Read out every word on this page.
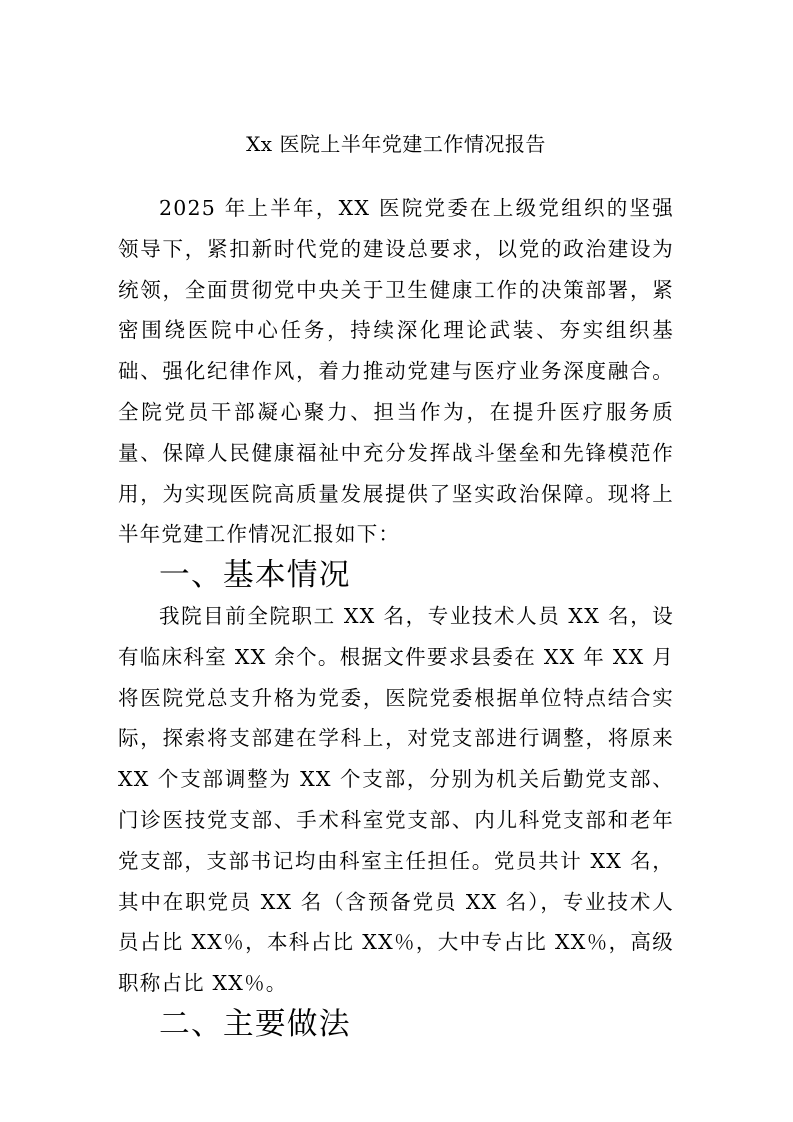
Xx 医院上半年党建工作情况报告

2025 年上半年，XX 医院党委在上级党组织的坚强领导下，紧扣新时代党的建设总要求，以党的政治建设为统领，全面贯彻党中央关于卫生健康工作的决策部署，紧密围绕医院中心任务，持续深化理论武装、夯实组织基础、强化纪律作风，着力推动党建与医疗业务深度融合。全院党员干部凝心聚力、担当作为，在提升医疗服务质量、保障人民健康福祉中充分发挥战斗堡垒和先锋模范作用，为实现医院高质量发展提供了坚实政治保障。现将上半年党建工作情况汇报如下：

一、基本情况

我院目前全院职工 XX 名，专业技术人员 XX 名，设有临床科室 XX 余个。根据文件要求县委在 XX 年 XX 月将医院党总支升格为党委，医院党委根据单位特点结合实际，探索将支部建在学科上，对党支部进行调整，将原来 XX 个支部调整为 XX 个支部，分别为机关后勤党支部、门诊医技党支部、手术科室党支部、内儿科党支部和老年党支部，支部书记均由科室主任担任。党员共计 XX 名，其中在职党员 XX 名（含预备党员 XX 名），专业技术人员占比 XX％，本科占比 XX％，大中专占比 XX％，高级职称占比 XX％。

二、主要做法
